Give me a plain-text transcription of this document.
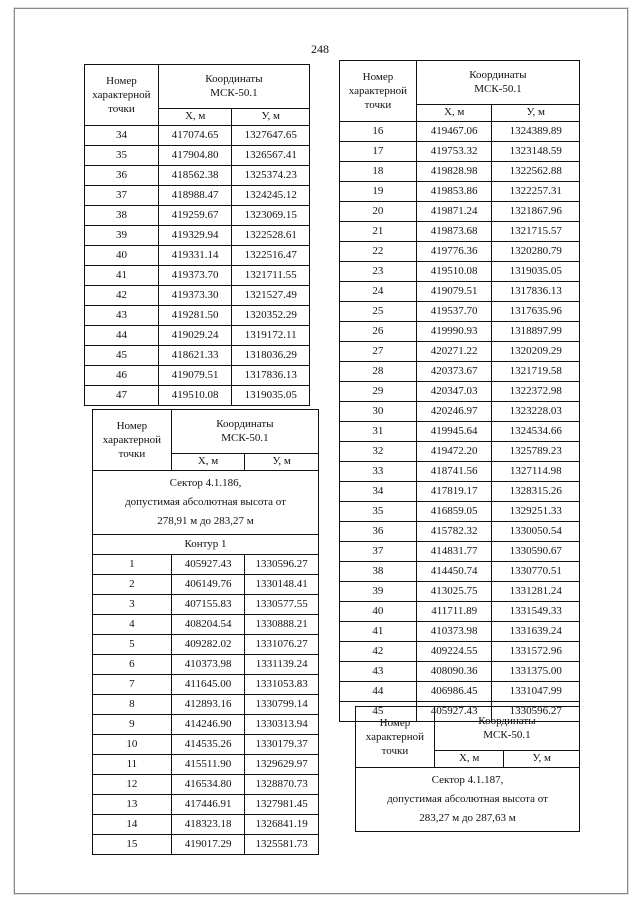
248
Номер характерной точки	Координаты
МСК-50.1	
	X, м	У, м
34	417074.65	1327647.65
35	417904.80	1326567.41
36	418562.38	1325374.23
37	418988.47	1324245.12
38	419259.67	1323069.15
39	419329.94	1322528.61
40	419331.14	1322516.47
41	419373.70	1321711.55
42	419373.30	1321527.49
43	419281.50	1320352.29
44	419029.24	1319172.11
45	418621.33	1318036.29
46	419079.51	1317836.13
47	419510.08	1319035.05
Номер характерной точки	Координаты
МСК-50.1	
	X, м	У, м
Сектор 4.1.186,
допустимая абсолютная высота от
278,91 м до 283,27 м		
Контур 1		
1	405927.43	1330596.27
2	406149.76	1330148.41
3	407155.83	1330577.55
4	408204.54	1330888.21
5	409282.02	1331076.27
6	410373.98	1331139.24
7	411645.00	1331053.83
8	412893.16	1330799.14
9	414246.90	1330313.94
10	414535.26	1330179.37
11	415511.90	1329629.97
12	416534.80	1328870.73
13	417446.91	1327981.45
14	418323.18	1326841.19
15	419017.29	1325581.73
Номер характерной точки	Координаты
МСК-50.1	
	X, м	У, м
16	419467.06	1324389.89
17	419753.32	1323148.59
18	419828.98	1322562.88
19	419853.86	1322257.31
20	419871.24	1321867.96
21	419873.68	1321715.57
22	419776.36	1320280.79
23	419510.08	1319035.05
24	419079.51	1317836.13
25	419537.70	1317635.96
26	419990.93	1318897.99
27	420271.22	1320209.29
28	420373.67	1321719.58
29	420347.03	1322372.98
30	420246.97	1323228.03
31	419945.64	1324534.66
32	419472.20	1325789.23
33	418741.56	1327114.98
34	417819.17	1328315.26
35	416859.05	1329251.33
36	415782.32	1330050.54
37	414831.77	1330590.67
38	414450.74	1330770.51
39	413025.75	1331281.24
40	411711.89	1331549.33
41	410373.98	1331639.24
42	409224.55	1331572.96
43	408090.36	1331375.00
44	406986.45	1331047.99
45	405927.43	1330596.27
Номер характерной точки	Координаты
МСК-50.1	
	X, м	У, м
Сектор 4.1.187,
допустимая абсолютная высота от
283,27 м до 287,63 м		
